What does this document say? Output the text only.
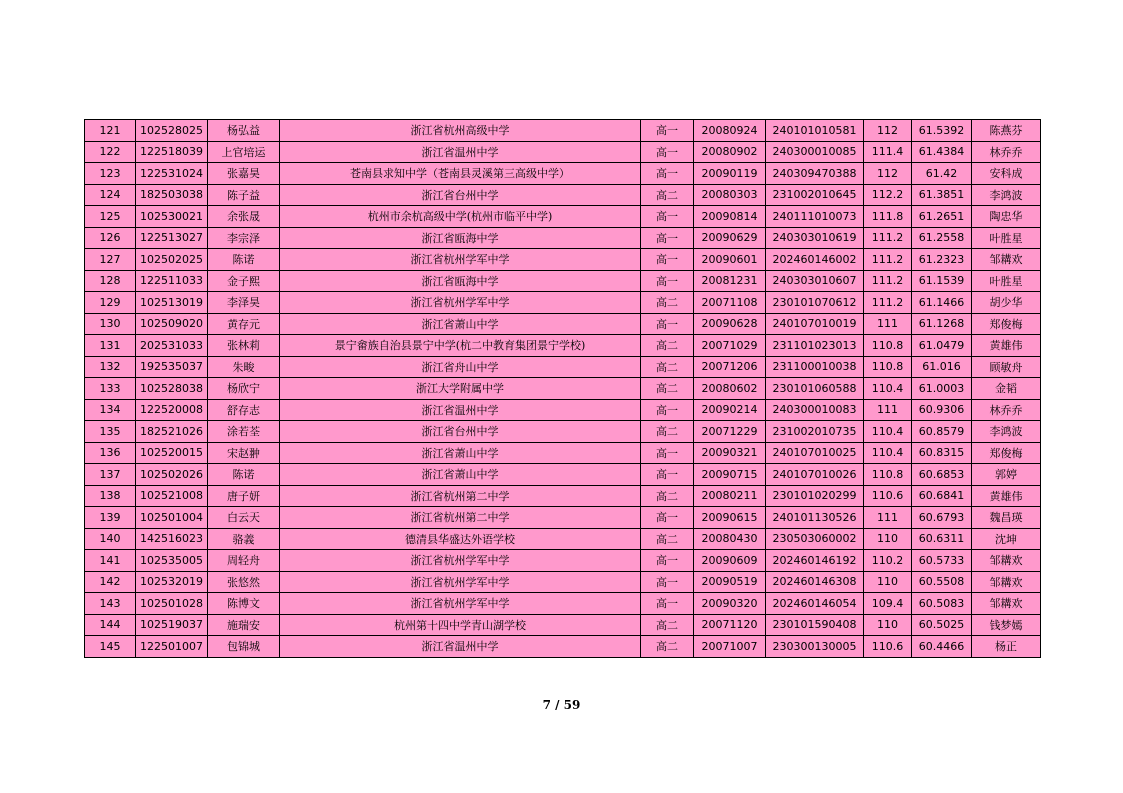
121	102528025	杨弘益	浙江省杭州高级中学	高一	20080924	240101010581	112	61.5392	陈燕芬
122	122518039	上官培运	浙江省温州中学	高一	20080902	240300010085	111.4	61.4384	林乔乔
123	122531024	张嘉昊	苍南县求知中学（苍南县灵溪第三高级中学）	高一	20090119	240309470388	112	61.42	安科成
124	182503038	陈子益	浙江省台州中学	高二	20080303	231002010645	112.2	61.3851	李鸿波
125	102530021	余张晟	杭州市余杭高级中学(杭州市临平中学)	高一	20090814	240111010073	111.8	61.2651	陶忠华
126	122513027	李宗泽	浙江省瓯海中学	高一	20090629	240303010619	111.2	61.2558	叶胜星
127	102502025	陈诺	浙江省杭州学军中学	高一	20090601	202460146002	111.2	61.2323	邹耩欢
128	122511033	金子熙	浙江省瓯海中学	高一	20081231	240303010607	111.2	61.1539	叶胜星
129	102513019	李泽昊	浙江省杭州学军中学	高二	20071108	230101070612	111.2	61.1466	胡少华
130	102509020	黄存元	浙江省萧山中学	高一	20090628	240107010019	111	61.1268	郑俊梅
131	202531033	张林莉	景宁畲族自治县景宁中学(杭二中教育集团景宁学校)	高二	20071029	231101023013	110.8	61.0479	黄雄伟
132	192535037	朱畯	浙江省舟山中学	高二	20071206	231100010038	110.8	61.016	顾敏舟
133	102528038	杨欣宁	浙江大学附属中学	高二	20080602	230101060588	110.4	61.0003	金韬
134	122520008	舒存志	浙江省温州中学	高一	20090214	240300010083	111	60.9306	林乔乔
135	182521026	涂若荃	浙江省台州中学	高二	20071229	231002010735	110.4	60.8579	李鸿波
136	102520015	宋赵翀	浙江省萧山中学	高一	20090321	240107010025	110.4	60.8315	郑俊梅
137	102502026	陈诺	浙江省萧山中学	高一	20090715	240107010026	110.8	60.6853	郭婷
138	102521008	唐子妍	浙江省杭州第二中学	高二	20080211	230101020299	110.6	60.6841	黄雄伟
139	102501004	白云天	浙江省杭州第二中学	高一	20090615	240101130526	111	60.6793	魏昌瑛
140	142516023	骆義	德清县华盛达外语学校	高二	20080430	230503060002	110	60.6311	沈坤
141	102535005	周轻舟	浙江省杭州学军中学	高一	20090609	202460146192	110.2	60.5733	邹耩欢
142	102532019	张悠然	浙江省杭州学军中学	高一	20090519	202460146308	110	60.5508	邹耩欢
143	102501028	陈博文	浙江省杭州学军中学	高一	20090320	202460146054	109.4	60.5083	邹耩欢
144	102519037	施瑞安	杭州第十四中学青山湖学校	高二	20071120	230101590408	110	60.5025	钱梦嫣
145	122501007	包锦城	浙江省温州中学	高二	20071007	230300130005	110.6	60.4466	杨正
7 / 59
